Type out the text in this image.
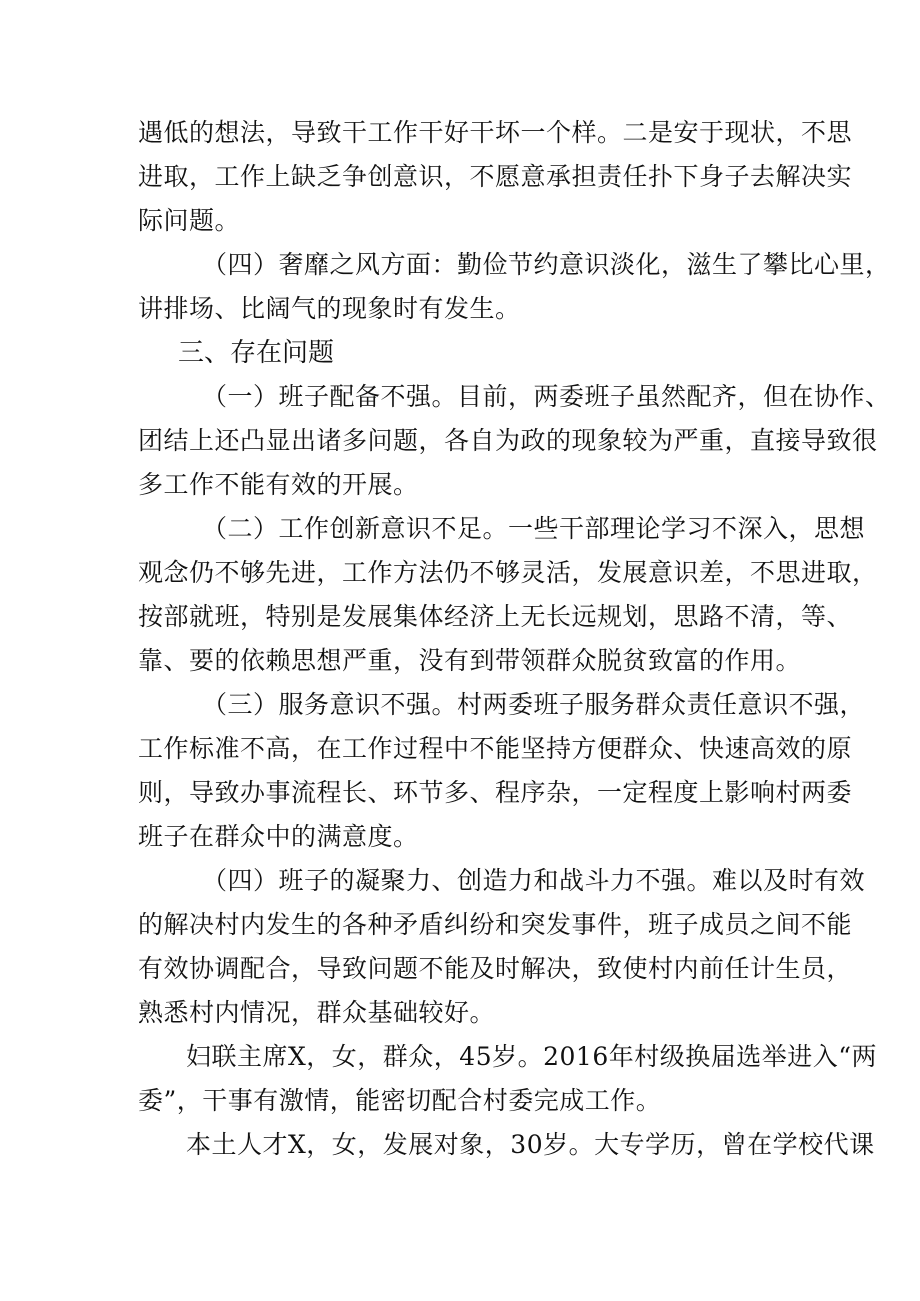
遇低的想法，导致干工作干好干坏一个样。二是安于现状，不思
进取，工作上缺乏争创意识，不愿意承担责任扑下身子去解决实
际问题。
（四）奢靡之风方面：勤俭节约意识淡化，滋生了攀比心里，
讲排场、比阔气的现象时有发生。
三、存在问题
（一）班子配备不强。目前，两委班子虽然配齐，但在协作、
团结上还凸显出诸多问题，各自为政的现象较为严重，直接导致很
多工作不能有效的开展。
（二）工作创新意识不足。一些干部理论学习不深入，思想
观念仍不够先进，工作方法仍不够灵活，发展意识差，不思进取，
按部就班，特别是发展集体经济上无长远规划，思路不清，等、
靠、要的依赖思想严重，没有到带领群众脱贫致富的作用。
（三）服务意识不强。村两委班子服务群众责任意识不强，
工作标准不高，在工作过程中不能坚持方便群众、快速高效的原
则，导致办事流程长、环节多、程序杂，一定程度上影响村两委
班子在群众中的满意度。
（四）班子的凝聚力、创造力和战斗力不强。难以及时有效
的解决村内发生的各种矛盾纠纷和突发事件，班子成员之间不能
有效协调配合，导致问题不能及时解决，致使村内前任计生员，
熟悉村内情况，群众基础较好。
妇联主席X，女，群众，45岁。2016年村级换届选举进入“两
委”，干事有激情，能密切配合村委完成工作。
本土人才X，女，发展对象，30岁。大专学历，曾在学校代课
